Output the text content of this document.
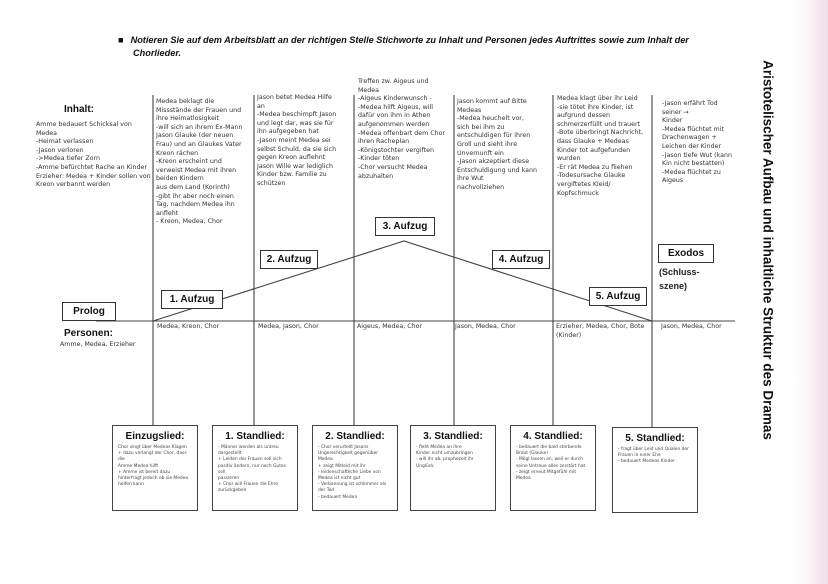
■ Notieren Sie auf dem Arbeitsblatt an der richtigen Stelle Stichworte zu Inhalt und Personen jedes Auftrittes sowie zum Inhalt der
Chorlieder.
Aristotelischer Aufbau und inhaltliche Struktur des Dramas
Inhalt:
Personen:
Prolog
Amme bedauert Schicksal von Medea
-Heimat verlassen
-Jason verloren
->Medea tiefer Zorn
-Amme befürchtet Rache an Kinder
Erzieher: Medea + Kinder sollen von
Kreon verbannt werden
Medea beklagt die
Missstände der Frauen und
ihre Heimatlosigkeit
-will sich an ihrem Ex-Mann
Jason Glauke (der neuen
Frau) und an Glaukes Vater
Kreon rächen
-Kreon erscheint und
verweist Medea mit ihren
beiden Kindern
aus dem Land (Korinth)
-gibt ihr aber noch einen
Tag, nachdem Medea ihn
anfleht
- Kreon, Medea, Chor
Jason betet Medea Hilfe
an
-Medea beschimpft Jason
und legt dar, was sie für
ihn aufgegeben hat
-Jason meint Medea sei
selbst Schuld, da sie sich
gegen Kreon auflehnt
Jason Wille war lediglich
Kinder bzw. Familie zu
schützen
Treffen zw. Aigeus und
Medea
-Aigeus Kinderwunsch -
-Medea hilft Aigeus, will
dafür von ihm in Athen
aufgenommen werden
-Medea offenbart dem Chor
ihren Racheplan
-Königstochter vergiften
-Kinder töten
-Chor versucht Medea
abzuhalten
Jason kommt auf Bitte
Medeas
-Medea heuchelt vor,
sich bei ihm zu
entschuldigen für ihren
Groll und sieht ihre
Unvernunft ein
-Jason akzeptiert diese
Entschuldigung und kann
ihre Wut
nachvollziehen
Medea klagt über ihr Leid
-sie tötet ihre Kinder, ist
aufgrund dessen
schmerzerfüllt und trauert
-Bote überbringt Nachricht,
dass Glauke + Medeas
Kinder tot aufgefunden
wurden
-Er rät Medea zu fliehen
-Todesursache Glauke
vergiftetes Kleid/
Kopfschmuck
-Jason erfährt Tod
seiner →
Kinder
-Medea flüchtet mit
Drachenwagen +
Leichen der Kinder
-Jason tiefe Wut (kann
Kin nicht bestatten)
-Medea flüchtet zu
Aigeus
1. Aufzug
2. Aufzug
3. Aufzug
4. Aufzug
5. Aufzug
Exodos
(Schluss-
szene)
Amme, Medea, Erzieher
Medea, Kreon, Chor	Medea, Jason, Chor	Aigeus, Medea, Chor	Jason, Medea, Chor	Erzieher, Medea, Chor, Bote
(Kinder)
Jason, Medea, Chor
Einzugslied:
Chor singt über Medeas Klagen
+ dazu verlangt der Chor, dass die
Amme Medea hilft
+ Amme ist bereit dazu
hinterfragt jedoch ob sie Medea
helfen kann
1. Standlied:
- Männer werden als untreu
dargestellt
+ Leiden der Frauen soll sich
positiv ändern, nur noch Gutes soll
passieren
+ Chor will Frauen die Ehre
zurückgeben
2. Standlied:
- Chor verurteilt Jasons
Ungerechtigkeit gegenüber Medea
+ zeigt Mitleid mit ihr
- leidenschaftliche Liebe von
Medea ist nicht gut
- Verbannung ist schlimmer als
der Tod
- bedauert Medea
3. Standlied:
- fleht Medea an ihre
Kinder nicht umzubringen
- will ihr ab, prophezeit ihr
Unglück
4. Standlied:
- bedauert die bald sterbende
Braut (Glauke)
- Mögl lassen an, weil er durch
seine Untreue alles zerstört hat
- zeigt erneut Mitgefühl mit
Medea
5. Standlied:
- fragt über Leid und Qualen der
Frauen in einer Ehe
- bedauert Medeas Kinder
